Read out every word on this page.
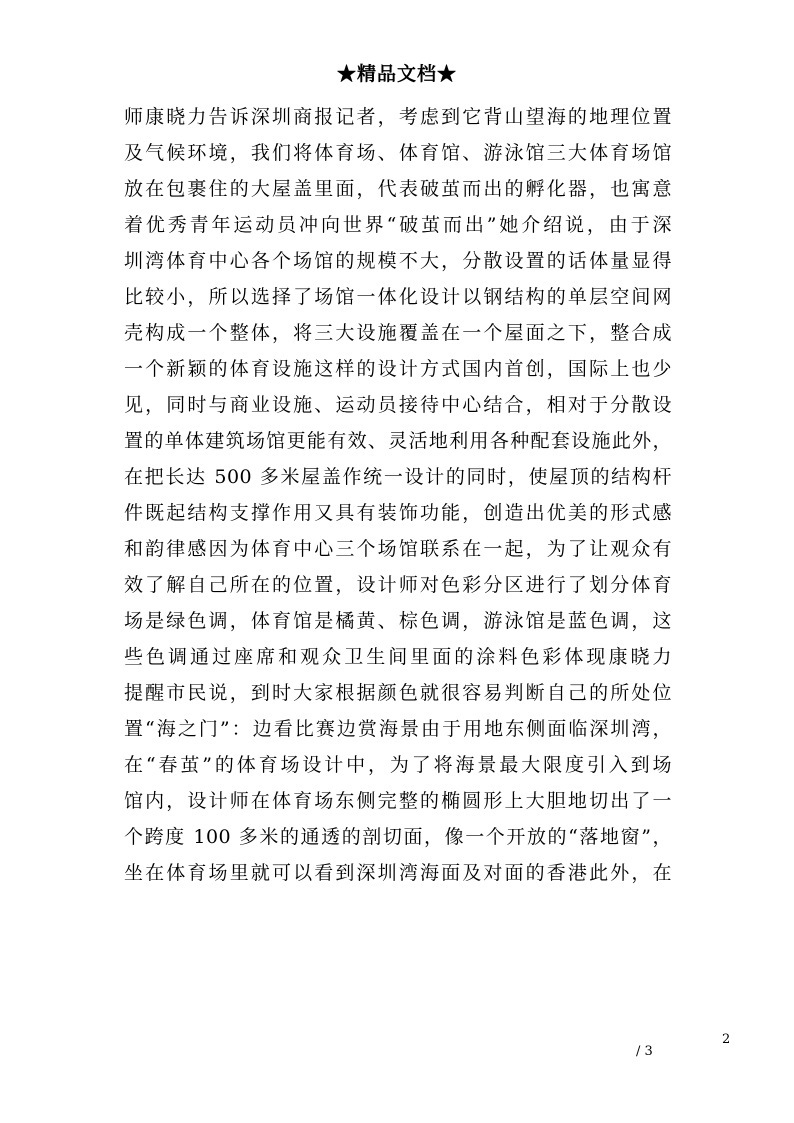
★精品文档★
师康晓力告诉深圳商报记者，考虑到它背山望海的地理位置
及气候环境，我们将体育场、体育馆、游泳馆三大体育场馆
放在包裹住的大屋盖里面，代表破茧而出的孵化器，也寓意
着优秀青年运动员冲向世界“破茧而出”她介绍说，由于深
圳湾体育中心各个场馆的规模不大，分散设置的话体量显得
比较小，所以选择了场馆一体化设计以钢结构的单层空间网
壳构成一个整体，将三大设施覆盖在一个屋面之下，整合成
一个新颖的体育设施这样的设计方式国内首创，国际上也少
见，同时与商业设施、运动员接待中心结合，相对于分散设
置的单体建筑场馆更能有效、灵活地利用各种配套设施此外，
在把长达 500 多米屋盖作统一设计的同时，使屋顶的结构杆
件既起结构支撑作用又具有装饰功能，创造出优美的形式感
和韵律感因为体育中心三个场馆联系在一起，为了让观众有
效了解自己所在的位置，设计师对色彩分区进行了划分体育
场是绿色调，体育馆是橘黄、棕色调，游泳馆是蓝色调，这
些色调通过座席和观众卫生间里面的涂料色彩体现康晓力
提醒市民说，到时大家根据颜色就很容易判断自己的所处位
置“海之门”：边看比赛边赏海景由于用地东侧面临深圳湾，
在“春茧”的体育场设计中，为了将海景最大限度引入到场
馆内，设计师在体育场东侧完整的椭圆形上大胆地切出了一
个跨度 100 多米的通透的剖切面，像一个开放的“落地窗”，
坐在体育场里就可以看到深圳湾海面及对面的香港此外，在
2
/ 3
